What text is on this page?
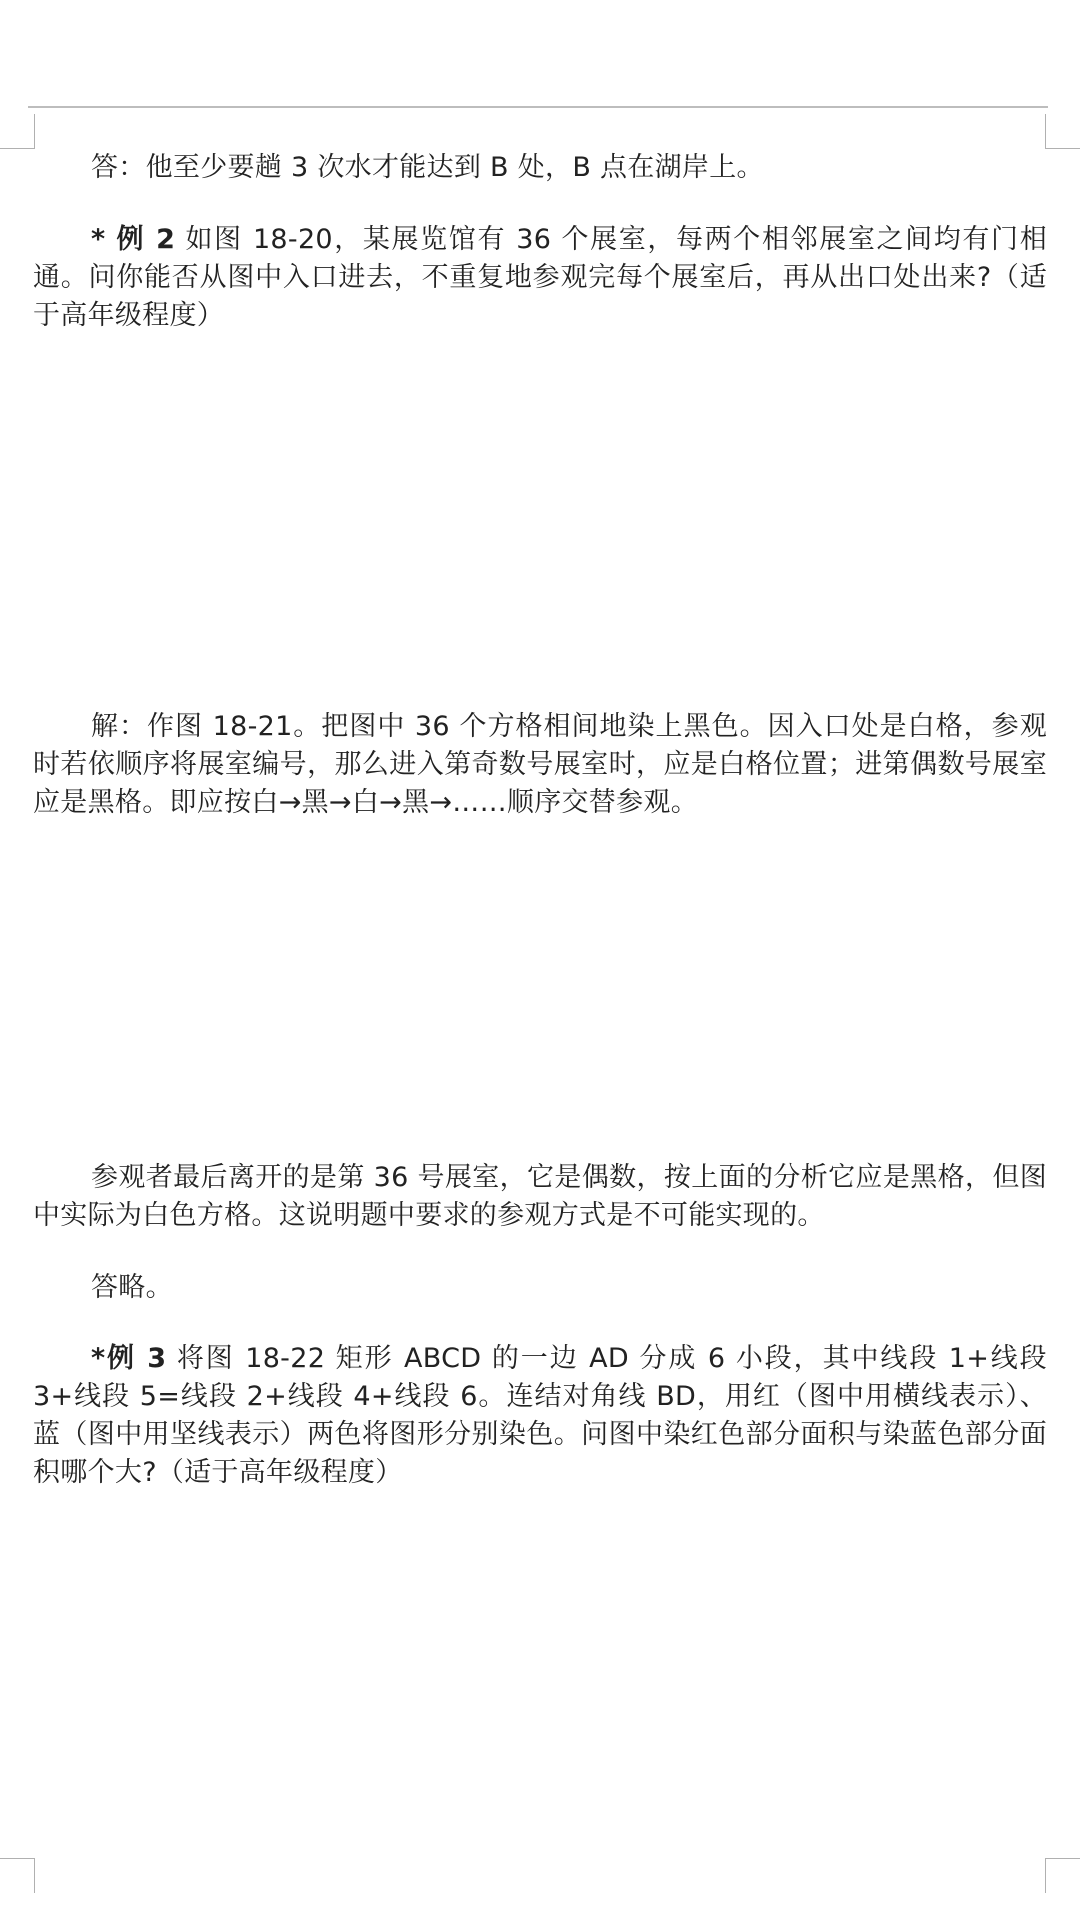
答：他至少要趟 3 次水才能达到 B 处，B 点在湖岸上。

* 例 2 如图 18-20，某展览馆有 36 个展室，每两个相邻展室之间均有门相通。问你能否从图中入口进去，不重复地参观完每个展室后，再从出口处出来?（适于高年级程度）

解：作图 18-21。把图中 36 个方格相间地染上黑色。因入口处是白格，参观时若依顺序将展室编号，那么进入第奇数号展室时，应是白格位置；进第偶数号展室应是黑格。即应按白→黑→白→黑→……顺序交替参观。

参观者最后离开的是第 36 号展室，它是偶数，按上面的分析它应是黑格，但图中实际为白色方格。这说明题中要求的参观方式是不可能实现的。

答略。

*例 3 将图 18-22 矩形 ABCD 的一边 AD 分成 6 小段，其中线段 1+线段 3+线段 5=线段 2+线段 4+线段 6。连结对角线 BD，用红（图中用横线表示）、蓝（图中用坚线表示）两色将图形分别染色。问图中染红色部分面积与染蓝色部分面积哪个大?（适于高年级程度）
